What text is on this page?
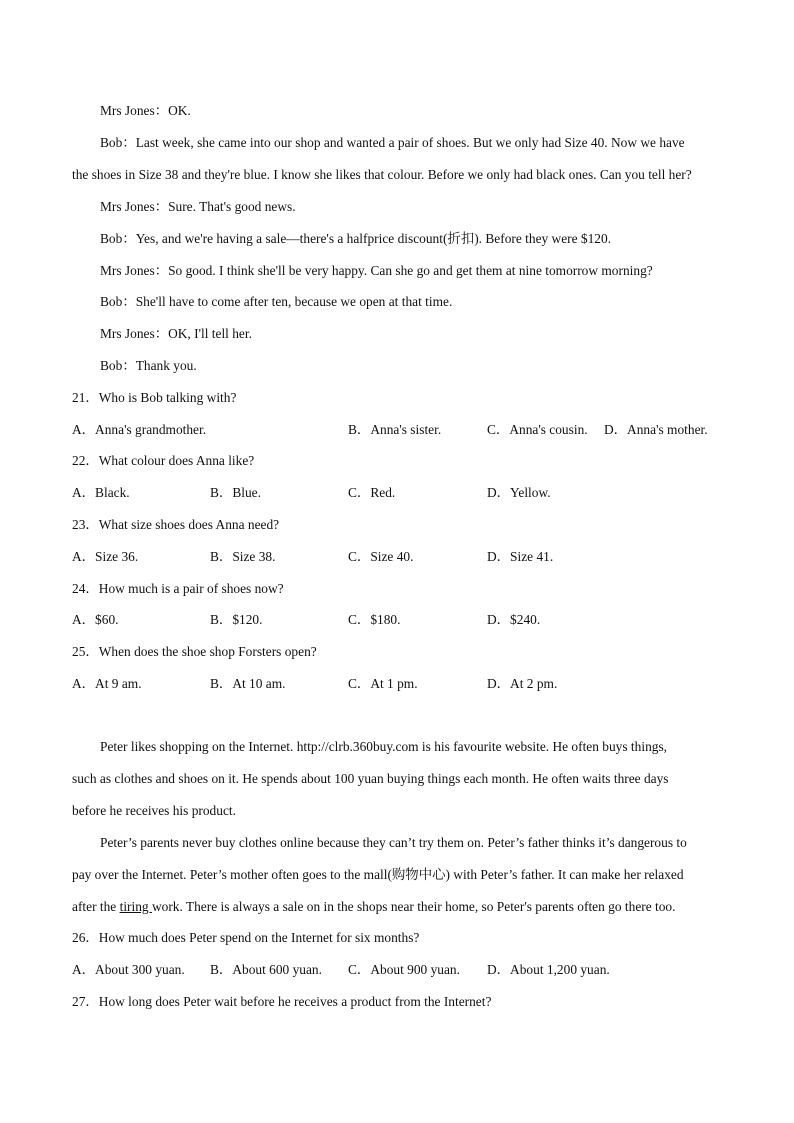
Mrs Jones：OK.
Bob：Last week, she came into our shop and wanted a pair of shoes. But we only had Size 40. Now we have
the shoes in Size 38 and they're blue. I know she likes that colour. Before we only had black ones. Can you tell her?
Mrs Jones：Sure. That's good news.
Bob：Yes, and we're having a sale—there's a halfprice discount(折扣). Before they were $120.
Mrs Jones：So good. I think she'll be very happy. Can she go and get them at nine tomorrow morning?
Bob：She'll have to come after ten, because we open at that time.
Mrs Jones：OK, I'll tell her.
Bob：Thank you.
21．Who is Bob talking with?
A．Anna's grandmother.	B．Anna's sister.	C．Anna's cousin. D．Anna's mother.
22．What colour does Anna like?
A．Black.	B．Blue.	C．Red.	D．Yellow.
23．What size shoes does Anna need?
A．Size 36.	B．Size 38.	C．Size 40.	D．Size 41.
24．How much is a pair of shoes now?
A．$60.	B．$120.	C．$180.	D．$240.
25．When does the shoe shop Forsters open?
A．At 9 am.	B．At 10 am.	C．At 1 pm.	D．At 2 pm.
Peter likes shopping on the Internet. http://clrb.360buy.com is his favourite website. He often buys things,
such as clothes and shoes on it. He spends about 100 yuan buying things each month. He often waits three days
before he receives his product.
Peter’s parents never buy clothes online because they can’t try them on. Peter’s father thinks it’s dangerous to
pay over the Internet. Peter’s mother often goes to the mall(购物中心) with Peter’s father. It can make her relaxed
after the tiring work. There is always a sale on in the shops near their home, so Peter's parents often go there too.
26．How much does Peter spend on the Internet for six months?
A．About 300 yuan. B．About 600 yuan. C．About 900 yuan. D．About 1,200 yuan.
27．How long does Peter wait before he receives a product from the Internet?
